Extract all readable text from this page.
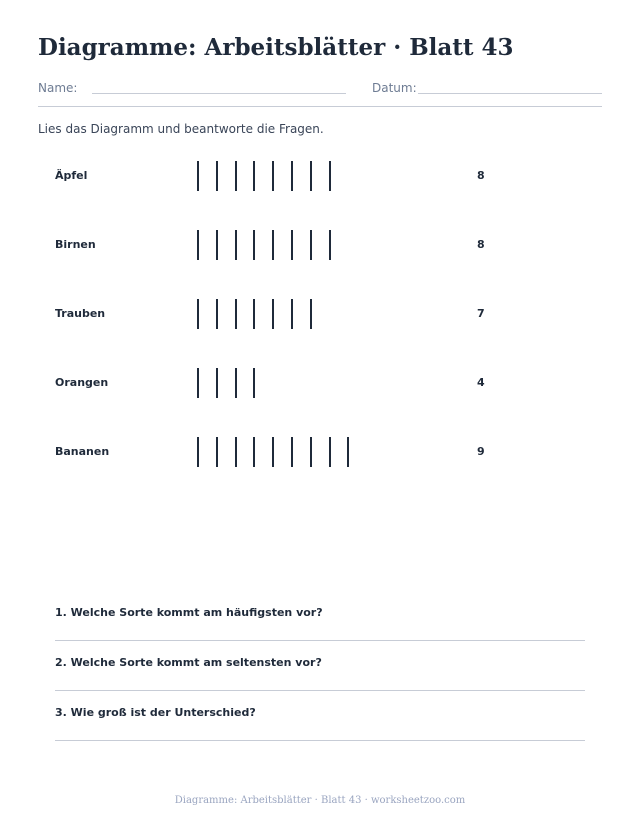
Diagramme: Arbeitsblätter · Blatt 43
Name:	Datum:

Lies das Diagramm und beantworte die Fragen.

Äpfel	8
Birnen	8
Trauben	7
Orangen	4
Bananen	9
1. Welche Sorte kommt am häufigsten vor?
2. Welche Sorte kommt am seltensten vor?
3. Wie groß ist der Unterschied?
Diagramme: Arbeitsblätter · Blatt 43 · worksheetzoo.com
